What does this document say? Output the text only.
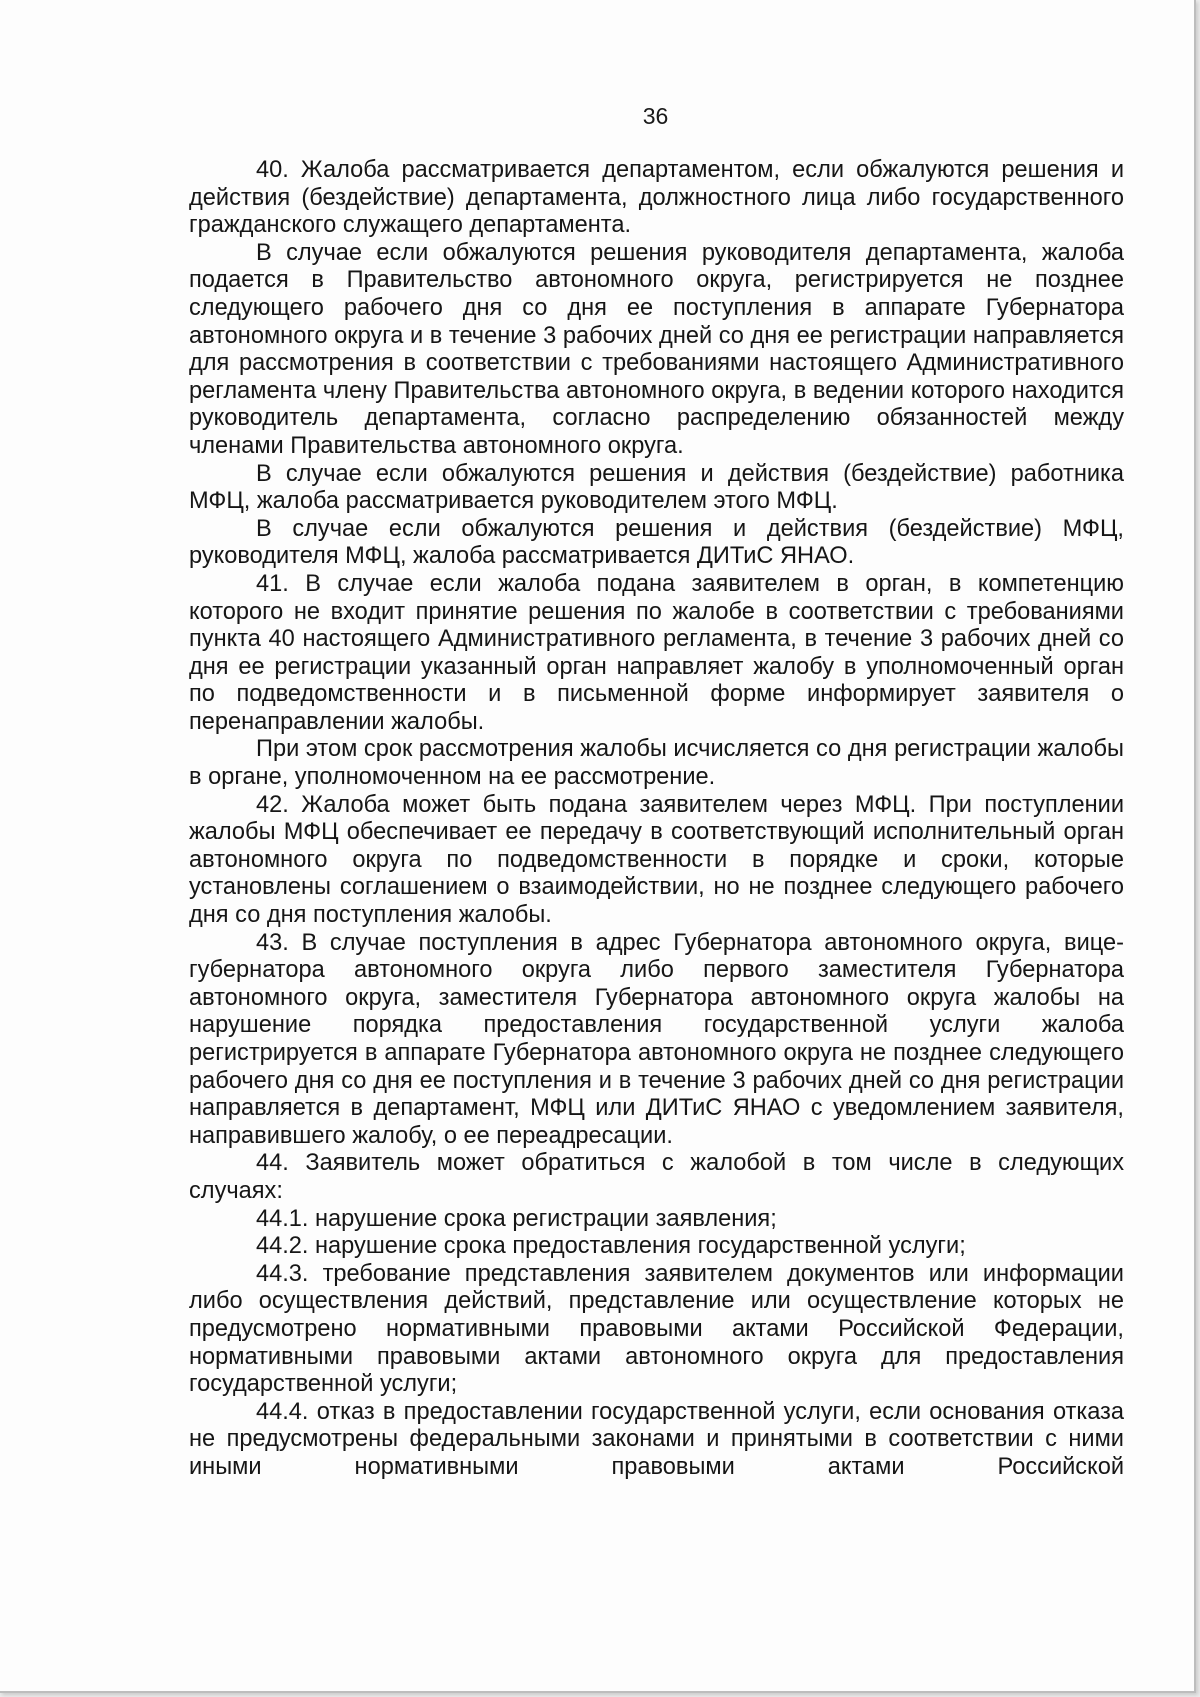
36

40. Жалоба рассматривается департаментом, если обжалуются решения и действия (бездействие) департамента, должностного лица либо государственного гражданского служащего департамента.

В случае если обжалуются решения руководителя департамента, жалоба подается в Правительство автономного округа, регистрируется не позднее следующего рабочего дня со дня ее поступления в аппарате Губернатора автономного округа и в течение 3 рабочих дней со дня ее регистрации направляется для рассмотрения в соответствии с требованиями настоящего Административного регламента члену Правительства автономного округа, в ведении которого находится руководитель департамента, согласно распределению обязанностей между членами Правительства автономного округа.

В случае если обжалуются решения и действия (бездействие) работника МФЦ, жалоба рассматривается руководителем этого МФЦ.

В случае если обжалуются решения и действия (бездействие) МФЦ, руководителя МФЦ, жалоба рассматривается ДИТиС ЯНАО.

41. В случае если жалоба подана заявителем в орган, в компетенцию которого не входит принятие решения по жалобе в соответствии с требованиями пункта 40 настоящего Административного регламента, в течение 3 рабочих дней со дня ее регистрации указанный орган направляет жалобу в уполномоченный орган по подведомственности и в письменной форме информирует заявителя о перенаправлении жалобы.

При этом срок рассмотрения жалобы исчисляется со дня регистрации жалобы в органе, уполномоченном на ее рассмотрение.

42. Жалоба может быть подана заявителем через МФЦ. При поступлении жалобы МФЦ обеспечивает ее передачу в соответствующий исполнительный орган автономного округа по подведомственности в порядке и сроки, которые установлены соглашением о взаимодействии, но не позднее следующего рабочего дня со дня поступления жалобы.

43. В случае поступления в адрес Губернатора автономного округа, вице-губернатора автономного округа либо первого заместителя Губернатора автономного округа, заместителя Губернатора автономного округа жалобы на нарушение порядка предоставления государственной услуги жалоба регистрируется в аппарате Губернатора автономного округа не позднее следующего рабочего дня со дня ее поступления и в течение 3 рабочих дней со дня регистрации направляется в департамент, МФЦ или ДИТиС ЯНАО с уведомлением заявителя, направившего жалобу, о ее переадресации.

44. Заявитель может обратиться с жалобой в том числе в следующих случаях:

44.1. нарушение срока регистрации заявления;

44.2. нарушение срока предоставления государственной услуги;

44.3. требование представления заявителем документов или информации либо осуществления действий, представление или осуществление которых не предусмотрено нормативными правовыми актами Российской Федерации, нормативными правовыми актами автономного округа для предоставления государственной услуги;

44.4. отказ в предоставлении государственной услуги, если основания отказа не предусмотрены федеральными законами и принятыми в соответствии с ними иными нормативными правовыми актами Российской
